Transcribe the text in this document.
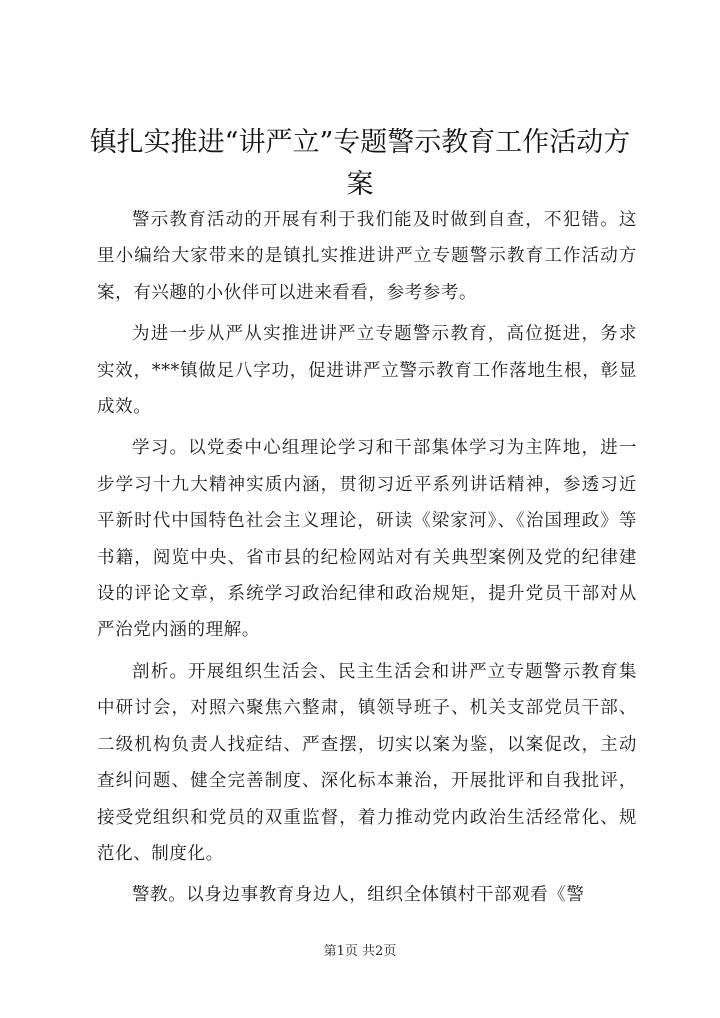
镇扎实推进“讲严立”专题警示教育工作活动方案

警示教育活动的开展有利于我们能及时做到自查，不犯错。这里小编给大家带来的是镇扎实推进讲严立专题警示教育工作活动方案，有兴趣的小伙伴可以进来看看，参考参考。

为进一步从严从实推进讲严立专题警示教育，高位挺进，务求实效，***镇做足八字功，促进讲严立警示教育工作落地生根，彰显成效。

学习。以党委中心组理论学习和干部集体学习为主阵地，进一步学习十九大精神实质内涵，贯彻习近平系列讲话精神，参透习近平新时代中国特色社会主义理论，研读《梁家河》、《治国理政》等书籍，阅览中央、省市县的纪检网站对有关典型案例及党的纪律建设的评论文章，系统学习政治纪律和政治规矩，提升党员干部对从严治党内涵的理解。

剖析。开展组织生活会、民主生活会和讲严立专题警示教育集中研讨会，对照六聚焦六整肃，镇领导班子、机关支部党员干部、二级机构负责人找症结、严查摆，切实以案为鉴，以案促改，主动查纠问题、健全完善制度、深化标本兼治，开展批评和自我批评，接受党组织和党员的双重监督，着力推动党内政治生活经常化、规范化、制度化。

警教。以身边事教育身边人，组织全体镇村干部观看《警

第1页 共2页
